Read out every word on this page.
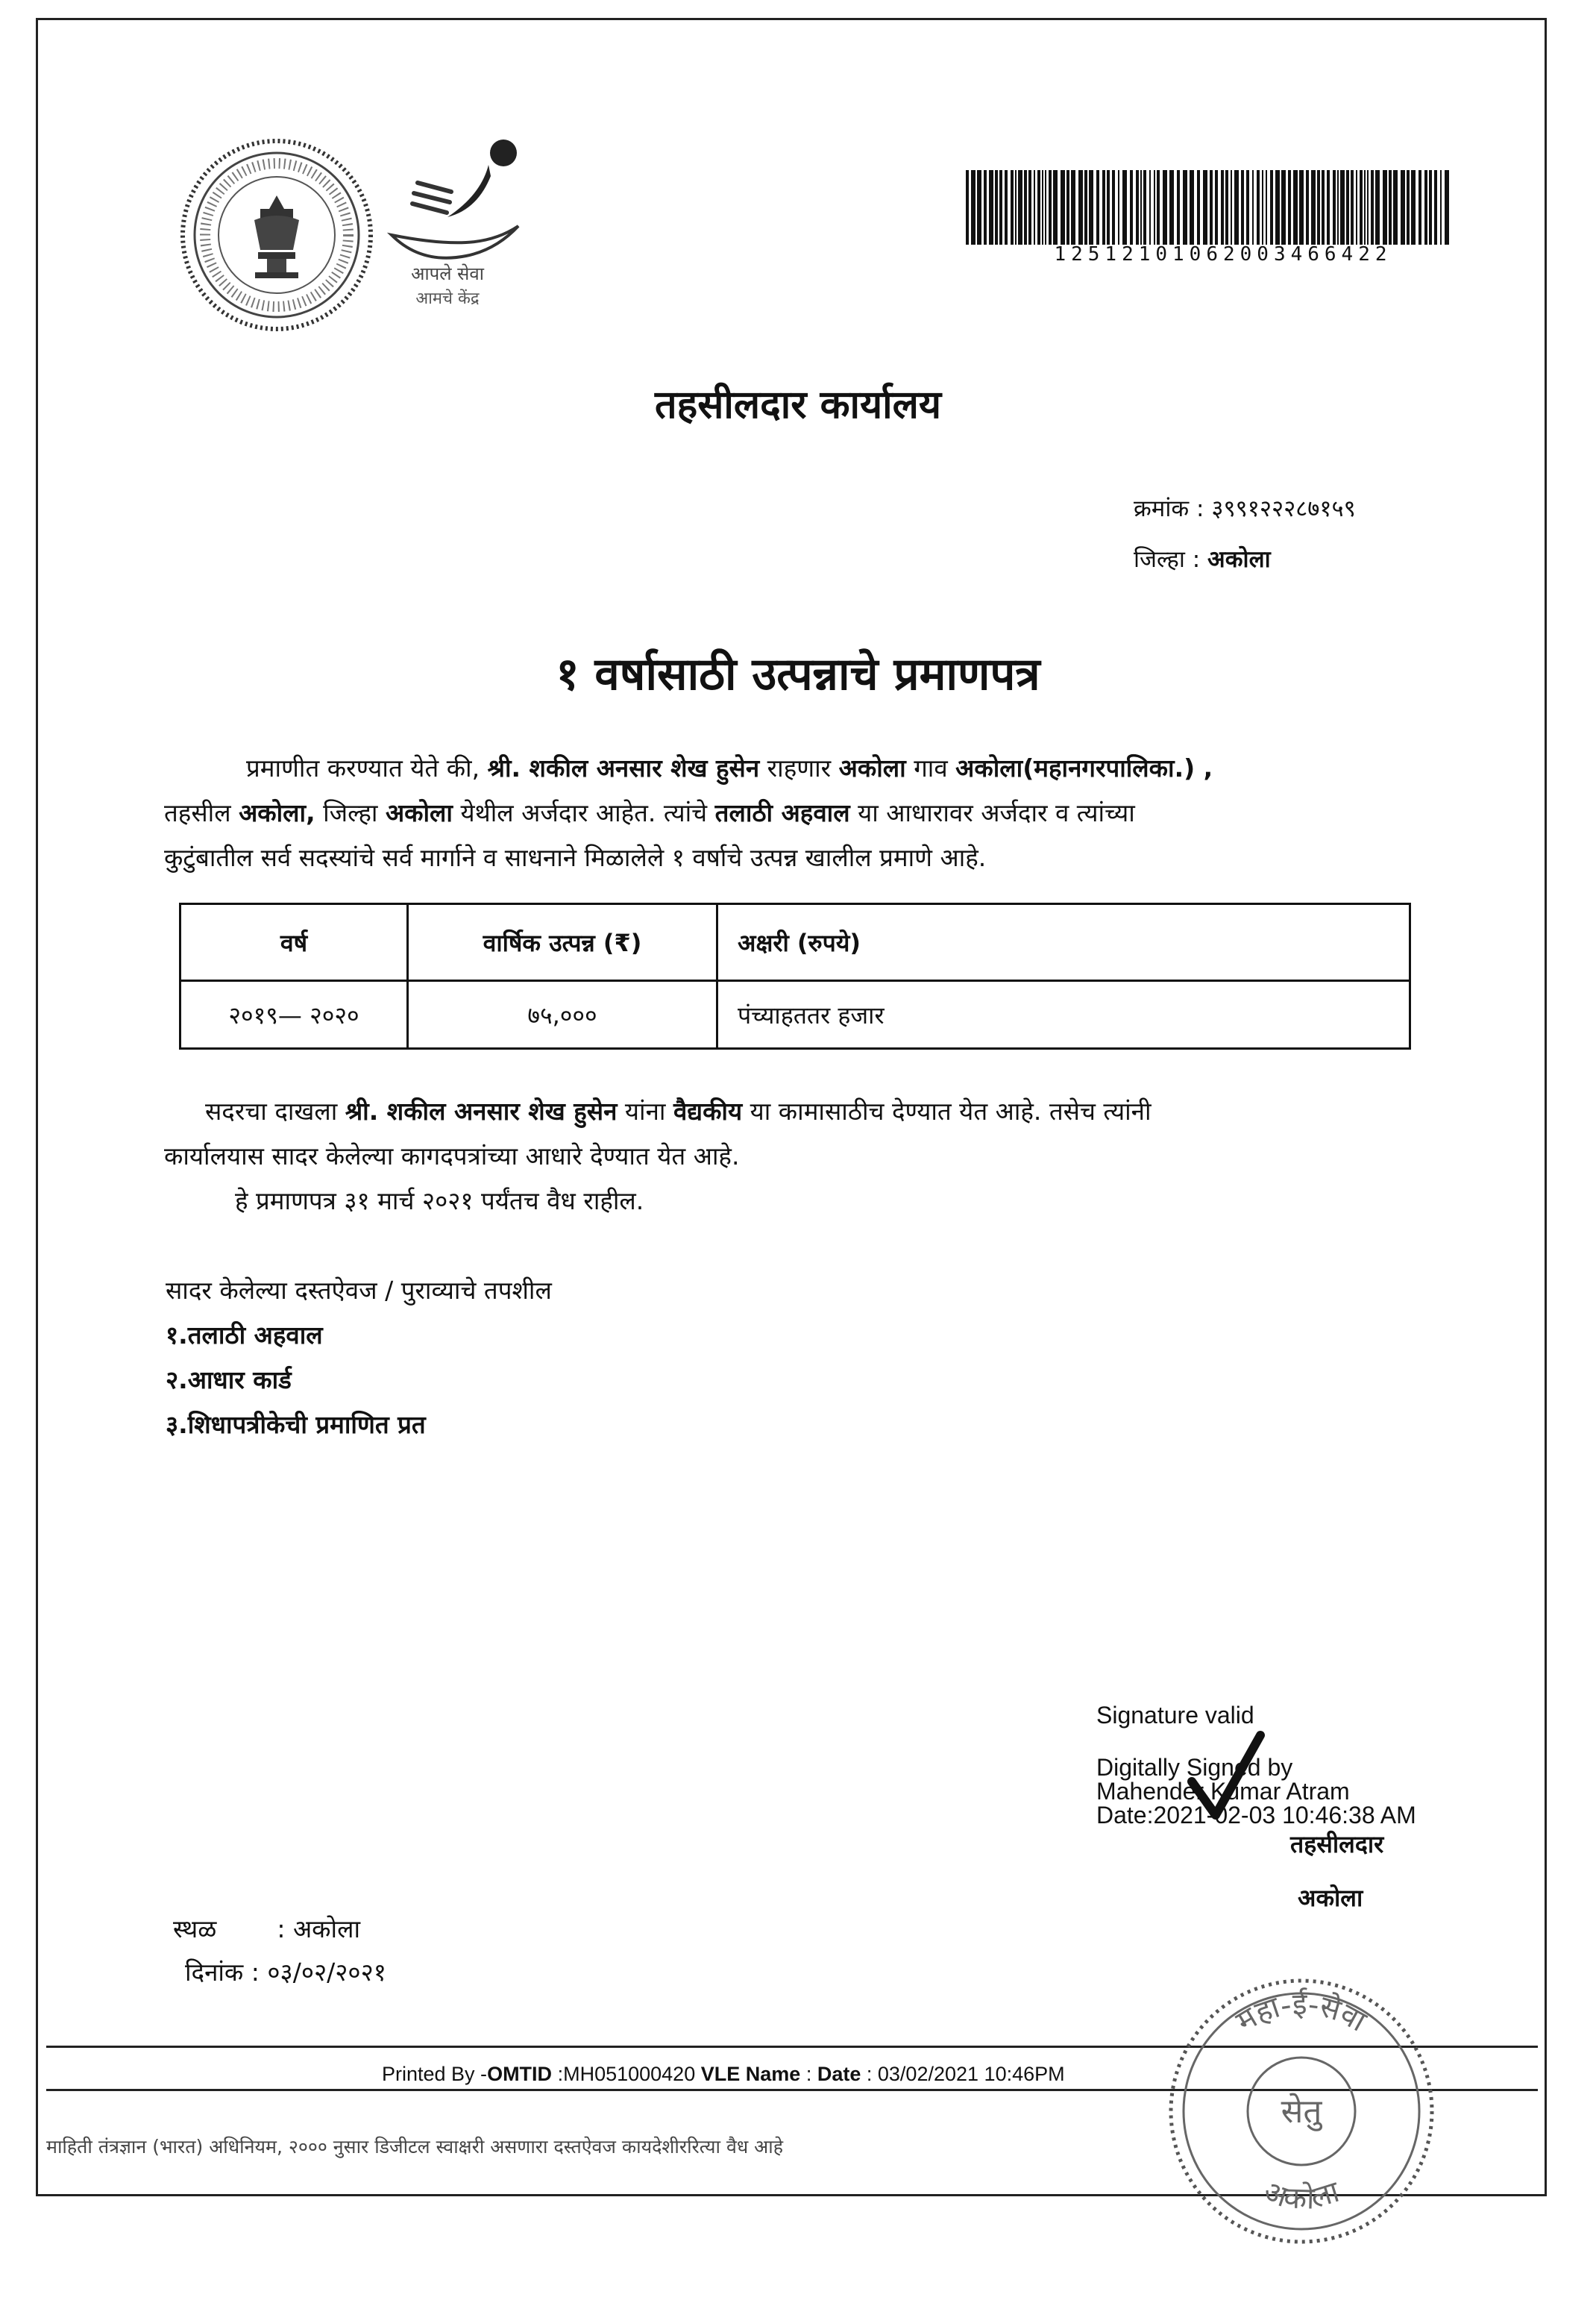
आपले सेवा
आमचे केंद्र
12512101062003466422
तहसीलदार कार्यालय
क्रमांक : ३९९१२२२८७१५९
जिल्हा : अकोला
१ वर्षासाठी उत्पन्नाचे प्रमाणपत्र
प्रमाणीत करण्यात येते की, श्री. शकील अनसार शेख हुसेन राहणार अकोला गाव अकोला(महानगरपालिका.) ,
तहसील अकोला, जिल्हा अकोला येथील अर्जदार आहेत. त्यांचे तलाठी अहवाल या आधारावर अर्जदार व त्यांच्या
कुटुंबातील सर्व सदस्यांचे सर्व मार्गाने व साधनाने मिळालेले १ वर्षाचे उत्पन्न खालील प्रमाणे आहे.
वर्ष	वार्षिक उत्पन्न (₹)	अक्षरी (रुपये)
२०१९— २०२०	७५,०००	पंच्याहततर हजार
सदरचा दाखला श्री. शकील अनसार शेख हुसेन यांना वैद्यकीय या कामासाठीच देण्यात येत आहे. तसेच त्यांनी
कार्यालयास सादर केलेल्या कागदपत्रांच्या आधारे देण्यात येत आहे.
हे प्रमाणपत्र ३१ मार्च २०२१ पर्यंतच वैध राहील.
सादर केलेल्या दस्तऐवज / पुराव्याचे तपशील
१.तलाठी अहवाल
२.आधार कार्ड
३.शिधापत्रीकेची प्रमाणित प्रत
Signature valid
Digitally Signed by
Mahender Kumar Atram
Date:2021-02-03 10:46:38 AM
तहसीलदार
अकोला
स्थळ : अकोला
दिनांक : ०३/०२/२०२१
Printed By -OMTID :MH051000420 VLE Name : Date : 03/02/2021 10:46PM
माहिती तंत्रज्ञान (भारत) अधिनियम, २००० नुसार डिजीटल स्वाक्षरी असणारा दस्तऐवज कायदेशीररित्या वैध आहे
महा-ई-सेवा
सेतु
अकोला
